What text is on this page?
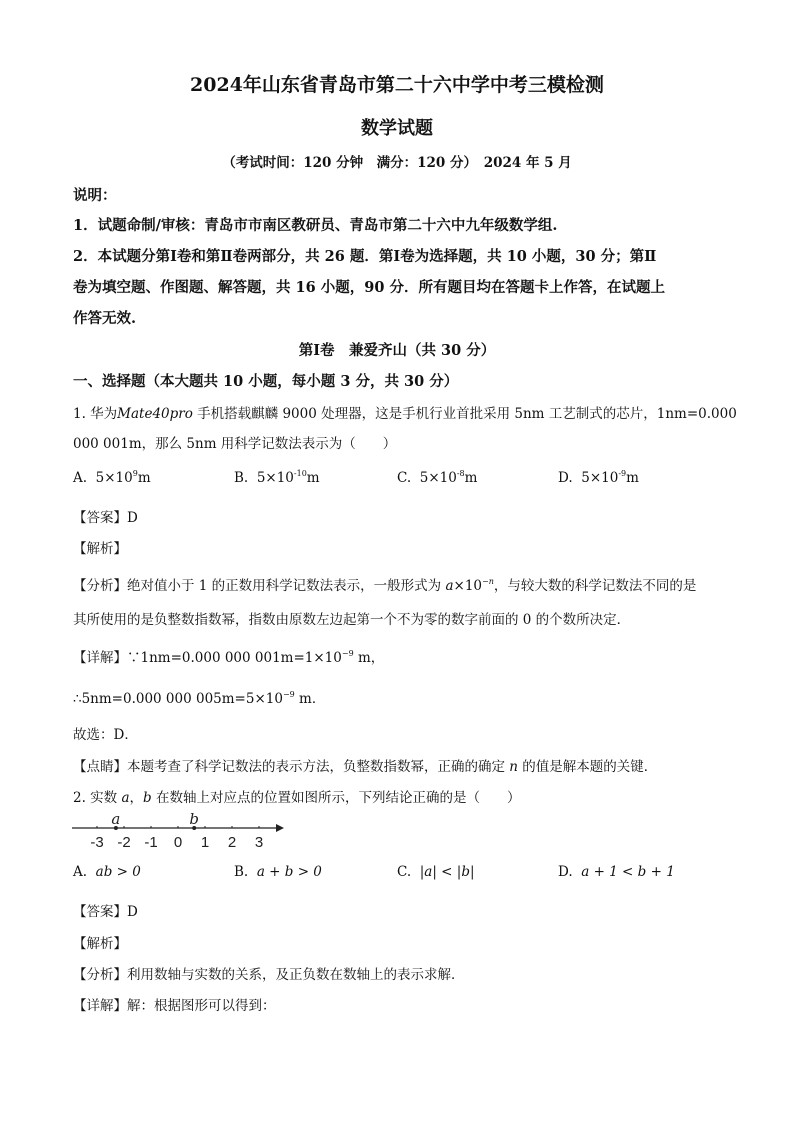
2024年山东省青岛市第二十六中学中考三模检测
数学试题
（考试时间：120 分钟　满分：120 分）　2024 年 5 月
说明：
1．试题命制/审核：青岛市市南区教研员、青岛市第二十六中九年级数学组.
2．本试题分第Ⅰ卷和第Ⅱ卷两部分，共 26 题．第Ⅰ卷为选择题，共 10 小题，30 分；第Ⅱ
卷为填空题、作图题、解答题，共 16 小题，90 分．所有题目均在答题卡上作答，在试题上
作答无效.
第Ⅰ卷　兼爱齐山（共 30 分）
一、选择题（本大题共 10 小题，每小题 3 分，共 30 分）
1. 华为Mate40pro 手机搭载麒麟 9000 处理器，这是手机行业首批采用 5nm 工艺制式的芯片，1nm=0.000
000 001m，那么 5nm 用科学记数法表示为（　　）
A. $5\times 10^9m$	B. $5\times 10^{-10}m$	C. $5\times 10^{-8}m$	D. $5\times 10^{-9}m$
【答案】D
【解析】
【分析】绝对值小于 1 的正数用科学记数法表示，一般形式为 $a\times 10^{-n}$，与较大数的科学记数法不同的是
其所使用的是负整数指数幂，指数由原数左边起第一个不为零的数字前面的 0 的个数所决定．
【详解】∵1nm=0.000 000 $001m=1\times 10^{-9}$ m，
∴5nm=0.000 000 $005m=5\times 10^{-9}$ m．
故选：D．
【点睛】本题考查了科学记数法的表示方法，负整数指数幂，正确的确定 n 的值是解本题的关键．
2. 实数 a，b 在数轴上对应点的位置如图所示，下列结论正确的是（　　）
-3 -2 -1 0 1 2 3
a	b
A. ab > 0	B. a + b > 0	C. |a| < |b|	D. a + 1 < b + 1
【答案】D
【解析】
【分析】利用数轴与实数的关系，及正负数在数轴上的表示求解．
【详解】解：根据图形可以得到：
